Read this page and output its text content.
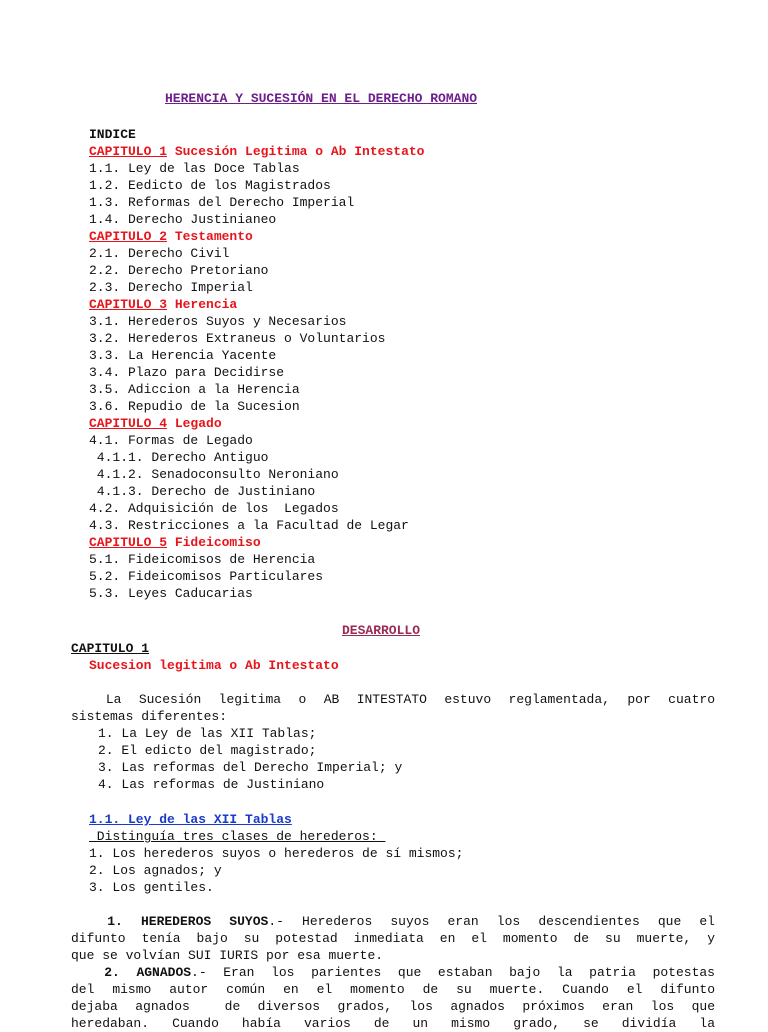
HERENCIA Y SUCESIÓN EN EL DERECHO ROMANO
INDICE
CAPITULO 1 Sucesión Legitima o Ab Intestato
1.1. Ley de las Doce Tablas
1.2. Eedicto de los Magistrados
1.3. Reformas del Derecho Imperial
1.4. Derecho Justinianeo
CAPITULO 2 Testamento
2.1. Derecho Civil
2.2. Derecho Pretoriano
2.3. Derecho Imperial
CAPITULO 3 Herencia
3.1. Herederos Suyos y Necesarios
3.2. Herederos Extraneus o Voluntarios
3.3. La Herencia Yacente
3.4. Plazo para Decidirse
3.5. Adiccion a la Herencia
3.6. Repudio de la Sucesion
CAPITULO 4 Legado
4.1. Formas de Legado
4.1.1. Derecho Antiguo
4.1.2. Senadoconsulto Neroniano
4.1.3. Derecho de Justiniano
4.2. Adquisición de los  Legados
4.3. Restricciones a la Facultad de Legar
CAPITULO 5 Fideicomiso
5.1. Fideicomisos de Herencia
5.2. Fideicomisos Particulares
5.3. Leyes Caducarias
DESARROLLO
CAPITULO 1
Sucesion legitima o Ab Intestato
La Sucesión legitima o AB INTESTATO estuvo reglamentada, por cuatro
sistemas diferentes:
1. La Ley de las XII Tablas;
2. El edicto del magistrado;
3. Las reformas del Derecho Imperial; y
4. Las reformas de Justiniano
1.1. Ley de las XII Tablas
Distinguía tres clases de herederos:
1. Los herederos suyos o herederos de sí mismos;
2. Los agnados; y
3. Los gentiles.
1. HEREDEROS SUYOS.- Herederos suyos eran los descendientes que el
difunto tenía bajo su potestad inmediata en el momento de su muerte, y
que se volvían SUI IURIS por esa muerte.
2. AGNADOS.- Eran los parientes que estaban bajo la patria potestas
del mismo autor común en el momento de su muerte. Cuando el difunto
dejaba agnados  de diversos grados, los agnados próximos eran los que
heredaban. Cuando había varios de un mismo grado, se dividía la
